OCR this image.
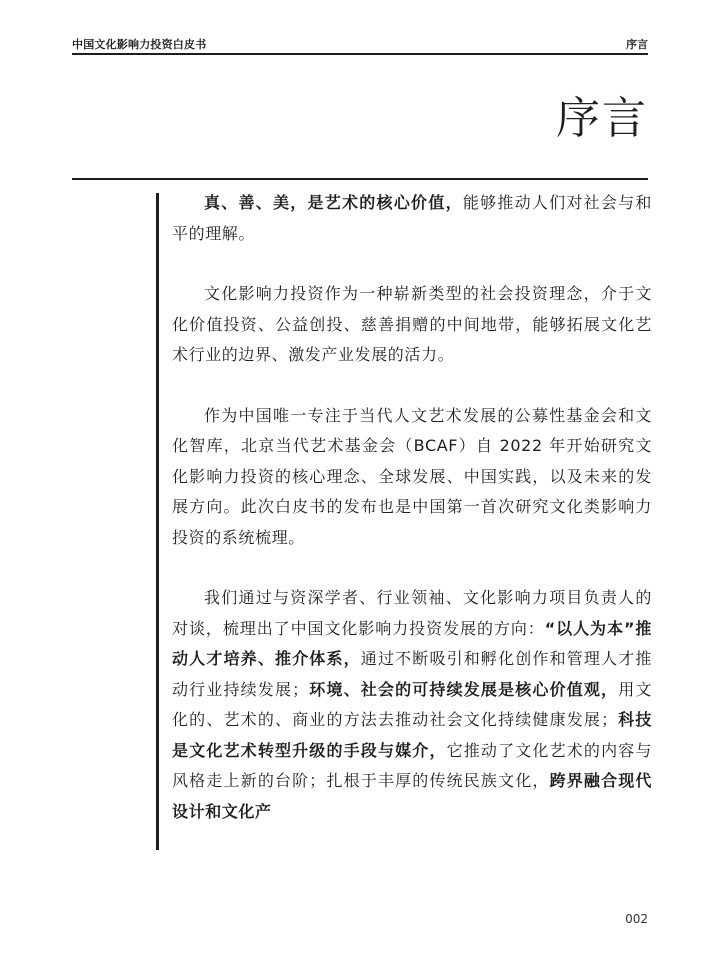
中国文化影响力投资白皮书	序言
序言

真、善、美，是艺术的核心价值，能够推动人们对社会与和平的理解。

文化影响力投资作为一种崭新类型的社会投资理念，介于文化价值投资、公益创投、慈善捐赠的中间地带，能够拓展文化艺术行业的边界、激发产业发展的活力。

作为中国唯一专注于当代人文艺术发展的公募性基金会和文化智库，北京当代艺术基金会（BCAF）自 2022 年开始研究文化影响力投资的核心理念、全球发展、中国实践，以及未来的发展方向。此次白皮书的发布也是中国第一首次研究文化类影响力投资的系统梳理。

我们通过与资深学者、行业领袖、文化影响力项目负责人的对谈，梳理出了中国文化影响力投资发展的方向：“以人为本”推动人才培养、推介体系，通过不断吸引和孵化创作和管理人才推动行业持续发展；环境、社会的可持续发展是核心价值观，用文化的、艺术的、商业的方法去推动社会文化持续健康发展；科技是文化艺术转型升级的手段与媒介，它推动了文化艺术的内容与风格走上新的台阶；扎根于丰厚的传统民族文化，跨界融合现代设计和文化产

002
